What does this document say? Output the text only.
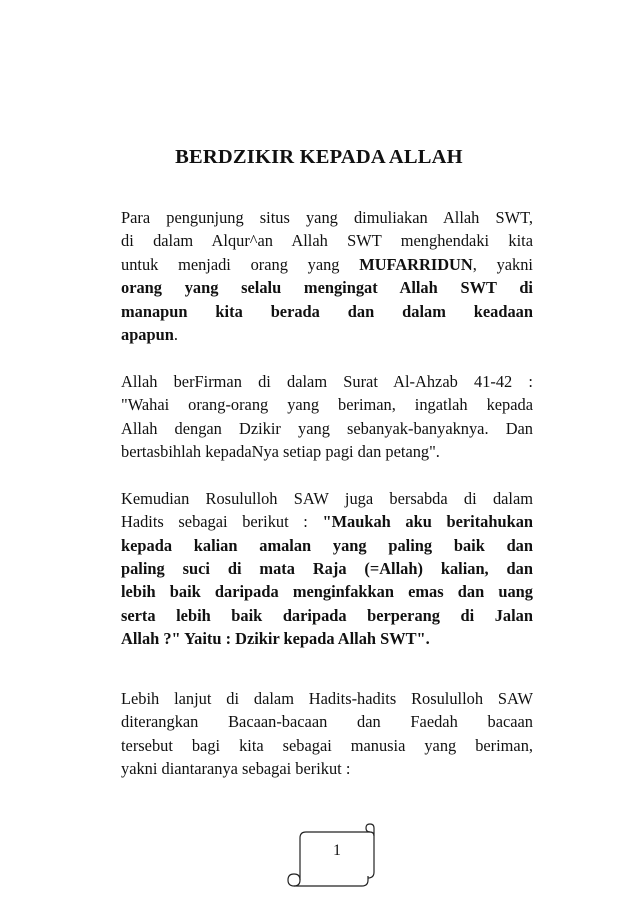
BERDZIKIR KEPADA ALLAH
Para pengunjung situs yang dimuliakan Allah SWT,
di dalam Alqur^an Allah SWT menghendaki kita
untuk menjadi orang yang MUFARRIDUN, yakni
orang yang selalu mengingat Allah SWT di
manapun kita berada dan dalam keadaan
apapun.
Allah berFirman di dalam Surat Al-Ahzab 41-42 :
"Wahai orang-orang yang beriman, ingatlah kepada
Allah dengan Dzikir yang sebanyak-banyaknya. Dan
bertasbihlah kepadaNya setiap pagi dan petang".
Kemudian Rosululloh SAW juga bersabda di dalam
Hadits sebagai berikut : "Maukah aku beritahukan
kepada kalian amalan yang paling baik dan
paling suci di mata Raja (=Allah) kalian, dan
lebih baik daripada menginfakkan emas dan uang
serta lebih baik daripada berperang di Jalan
Allah ?" Yaitu : Dzikir kepada Allah SWT".
Lebih lanjut di dalam Hadits-hadits Rosululloh SAW
diterangkan Bacaan-bacaan dan Faedah bacaan
tersebut bagi kita sebagai manusia yang beriman,
yakni diantaranya sebagai berikut :
1
